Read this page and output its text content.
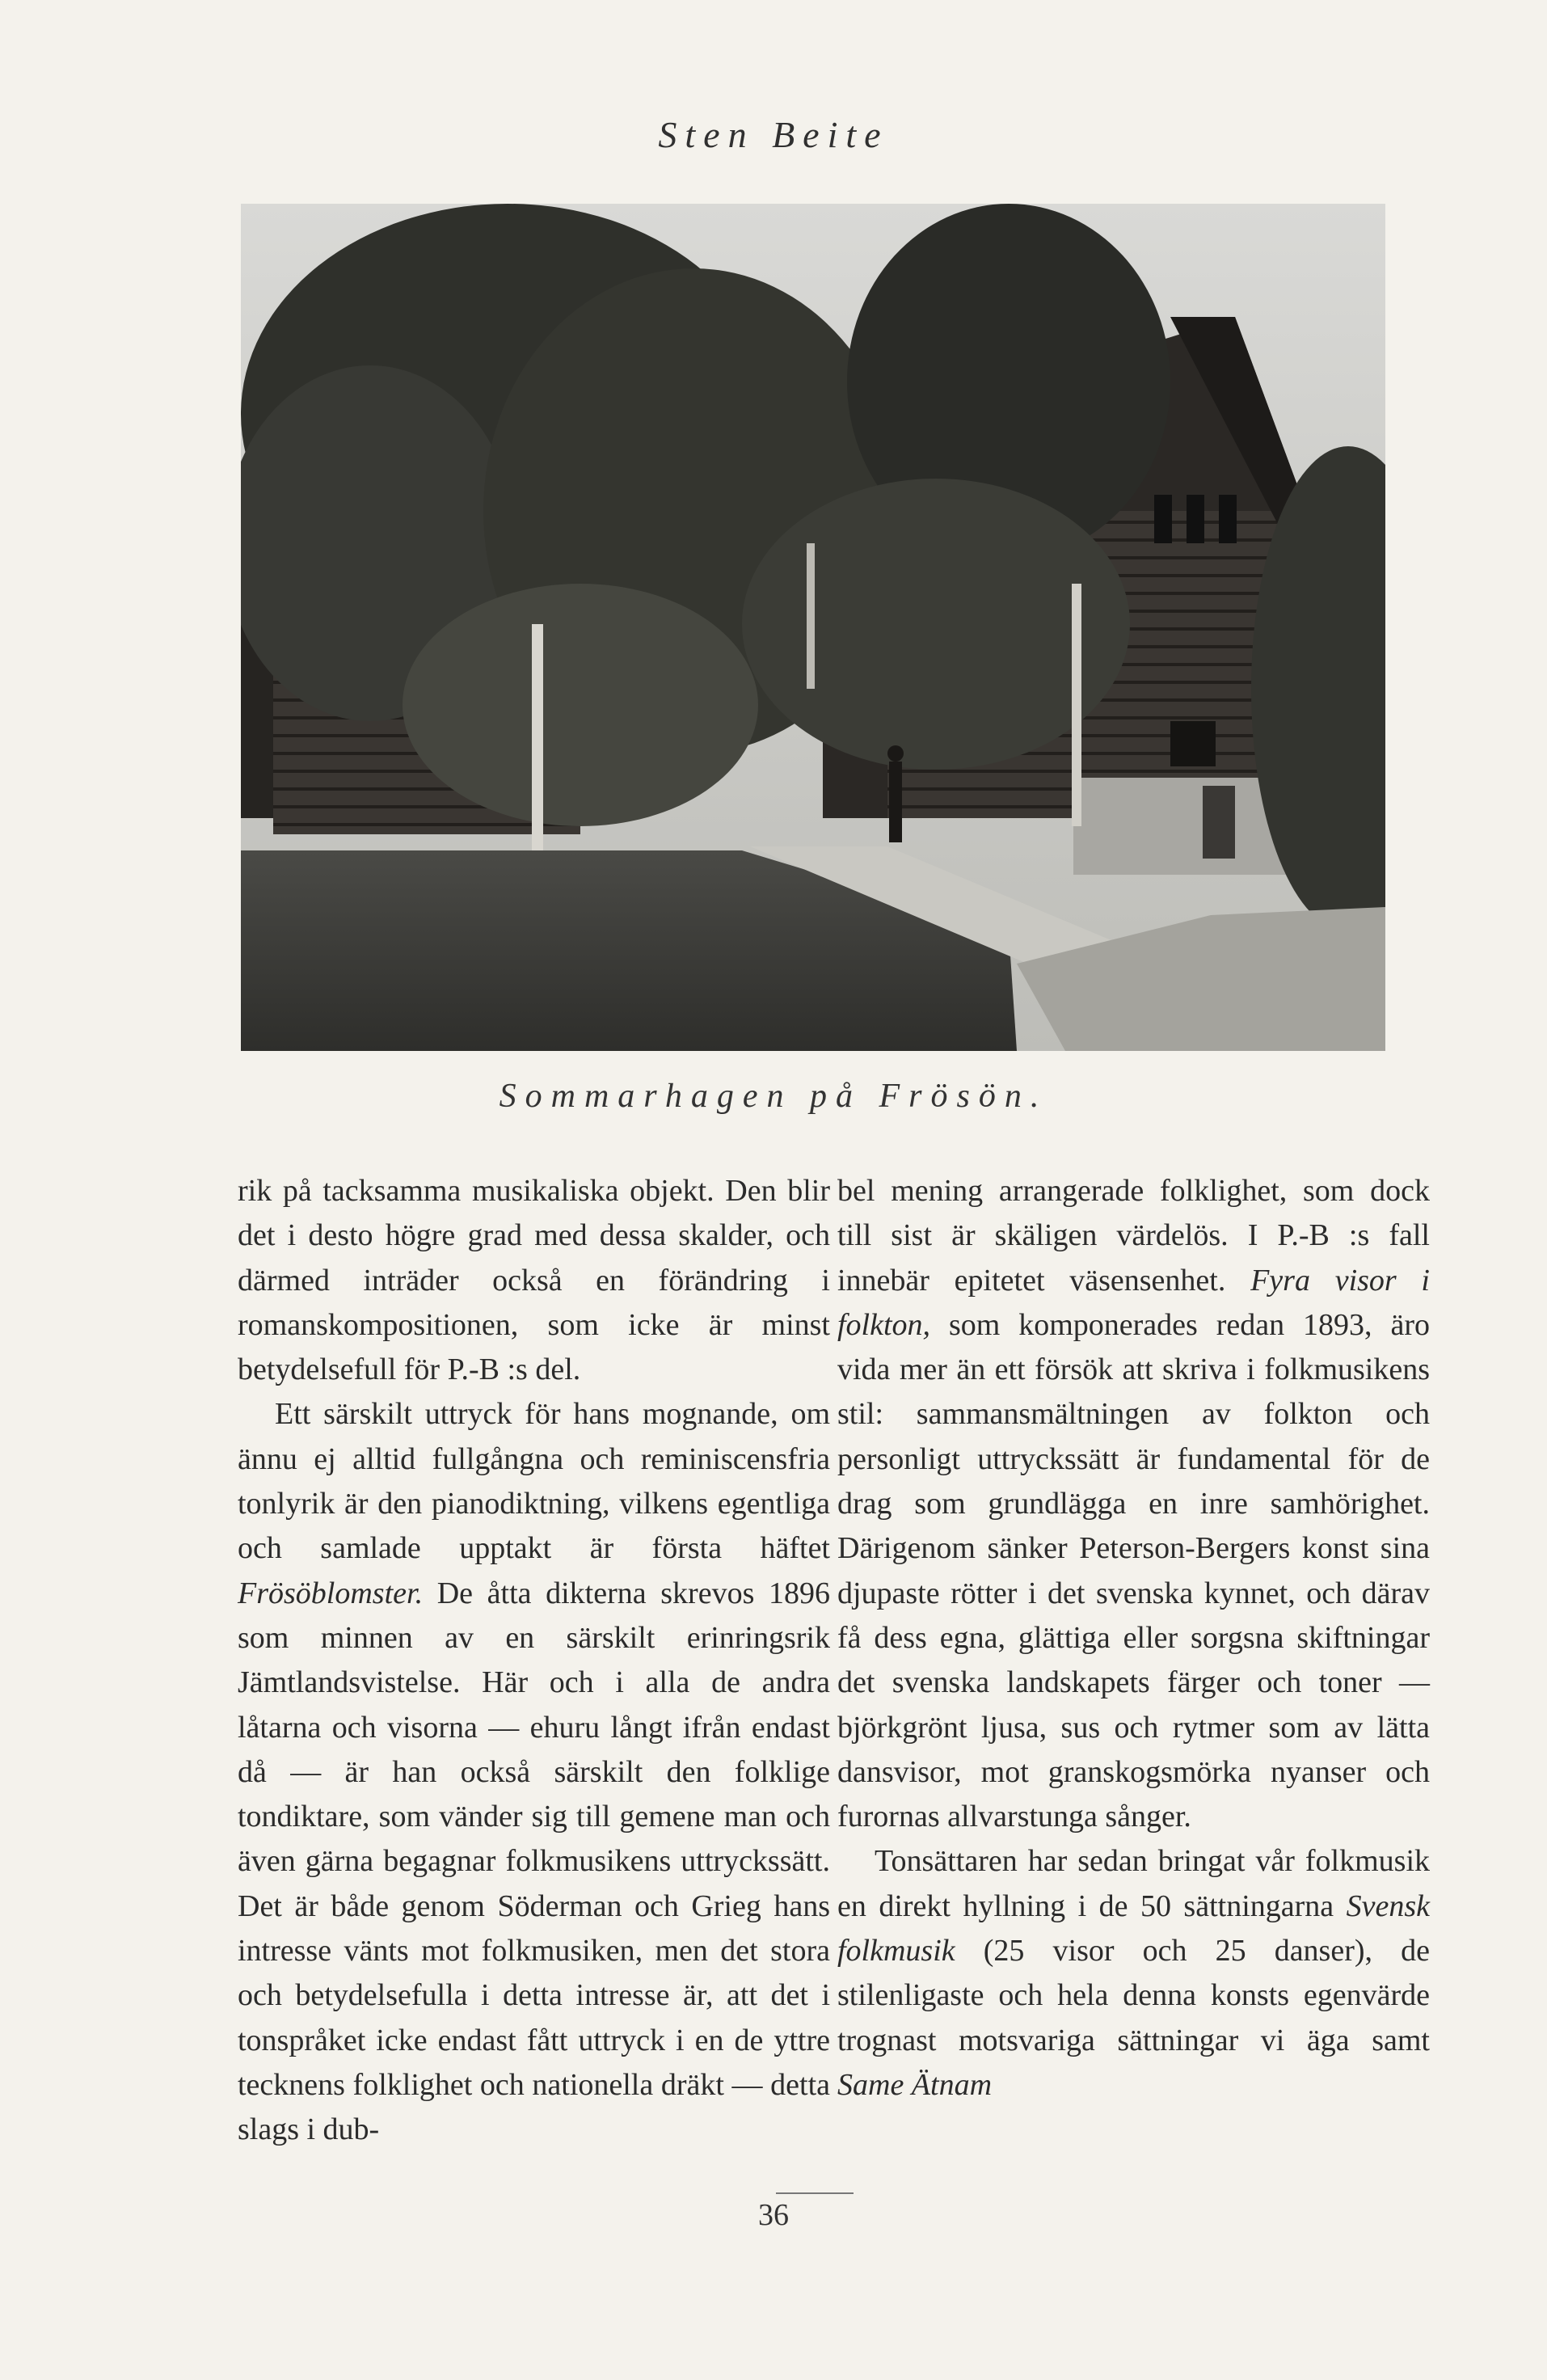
Sten Beite
Sommarhagen på Frösön.

rik på tacksamma musikaliska objekt. Den blir det i desto högre grad med dessa skalder, och därmed inträder också en förändring i romanskompositionen, som icke är minst betydelsefull för P.-B :s del.

Ett särskilt uttryck för hans mognande, om ännu ej alltid fullgångna och reminiscensfria tonlyrik är den pianodiktning, vilkens egentliga och samlade upptakt är första häftet Frösöblomster. De åtta dikterna skrevos 1896 som minnen av en särskilt erinringsrik Jämtlandsvistelse. Här och i alla de andra låtarna och visorna — ehuru långt ifrån endast då — är han också särskilt den folklige tondiktare, som vänder sig till gemene man och även gärna begagnar folkmusikens uttryckssätt. Det är både genom Söderman och Grieg hans intresse vänts mot folkmusiken, men det stora och betydelsefulla i detta intresse är, att det i tonspråket icke endast fått uttryck i en de yttre tecknens folklighet och nationella dräkt — detta slags i dub-

bel mening arrangerade folklighet, som dock till sist är skäligen värdelös. I P.-B :s fall innebär epitetet väsensenhet. Fyra visor i folkton, som komponerades redan 1893, äro vida mer än ett försök att skriva i folkmusikens stil: sammansmältningen av folkton och personligt uttryckssätt är fundamental för de drag som grundlägga en inre samhörighet. Därigenom sänker Peterson-Bergers konst sina djupaste rötter i det svenska kynnet, och därav få dess egna, glättiga eller sorgsna skiftningar det svenska landskapets färger och toner — björkgrönt ljusa, sus och rytmer som av lätta dansvisor, mot granskogsmörka nyanser och furornas allvarstunga sånger.

Tonsättaren har sedan bringat vår folkmusik en direkt hyllning i de 50 sättningarna Svensk folkmusik (25 visor och 25 danser), de stilenligaste och hela denna konsts egenvärde trognast motsvariga sättningar vi äga samt Same Ätnam

36
